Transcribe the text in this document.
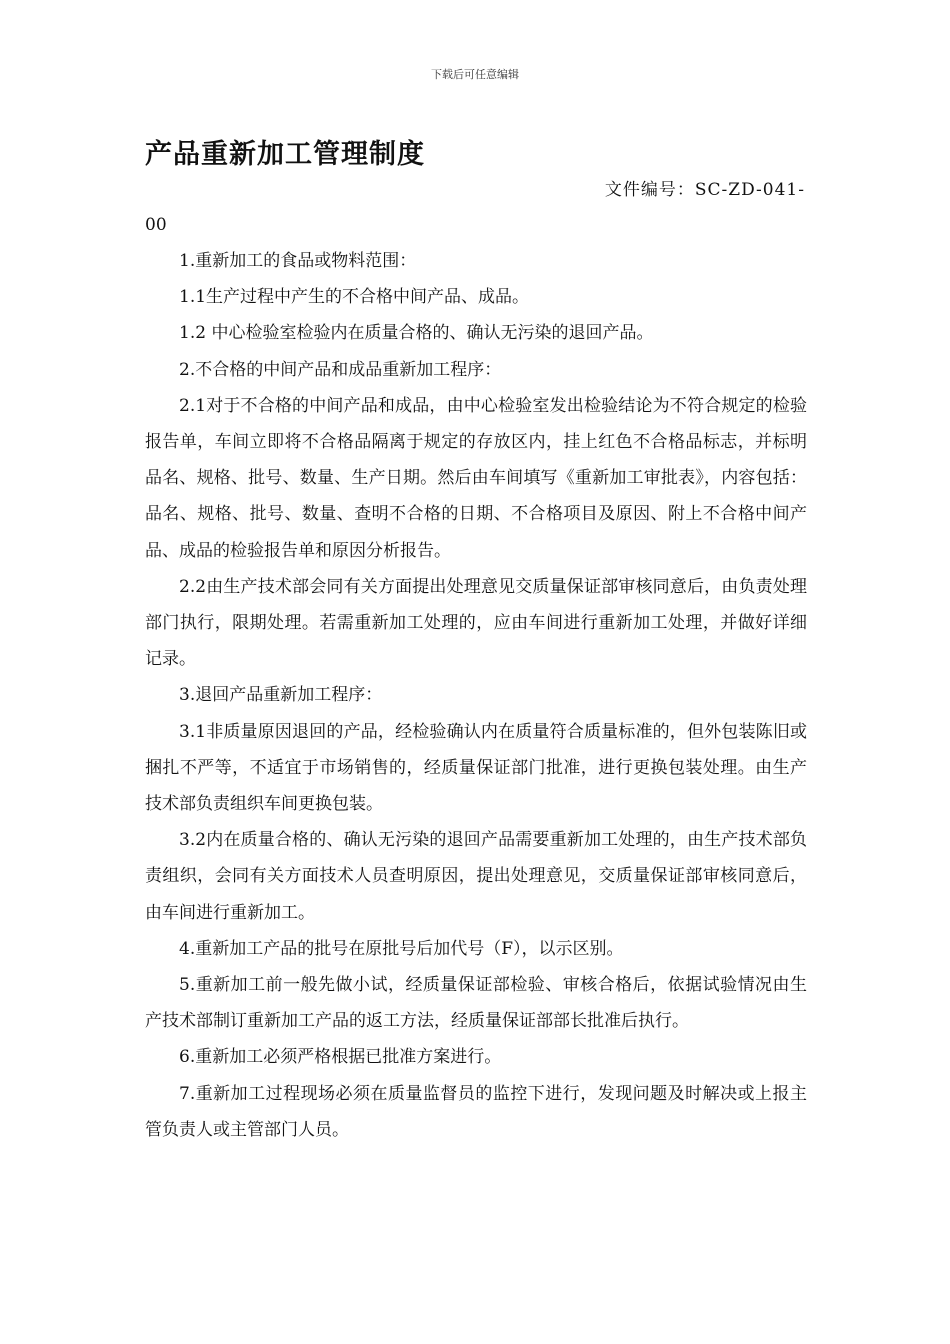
下载后可任意编辑
产品重新加工管理制度
文件编号：SC-ZD-041-
00

1.重新加工的食品或物料范围：

1.1生产过程中产生的不合格中间产品、成品。

1.2 中心检验室检验内在质量合格的、确认无污染的退回产品。

2.不合格的中间产品和成品重新加工程序：

2.1对于不合格的中间产品和成品，由中心检验室发出检验结论为不符合规定的检验报告单，车间立即将不合格品隔离于规定的存放区内，挂上红色不合格品标志，并标明品名、规格、批号、数量、生产日期。然后由车间填写《重新加工审批表》，内容包括：品名、规格、批号、数量、查明不合格的日期、不合格项目及原因、附上不合格中间产品、成品的检验报告单和原因分析报告。

2.2由生产技术部会同有关方面提出处理意见交质量保证部审核同意后，由负责处理部门执行，限期处理。若需重新加工处理的，应由车间进行重新加工处理，并做好详细记录。

3.退回产品重新加工程序：

3.1非质量原因退回的产品，经检验确认内在质量符合质量标准的，但外包装陈旧或捆扎不严等，不适宜于市场销售的，经质量保证部门批准，进行更换包装处理。由生产技术部负责组织车间更换包装。

3.2内在质量合格的、确认无污染的退回产品需要重新加工处理的，由生产技术部负责组织，会同有关方面技术人员查明原因，提出处理意见，交质量保证部审核同意后，由车间进行重新加工。

4.重新加工产品的批号在原批号后加代号（F），以示区别。

5.重新加工前一般先做小试，经质量保证部检验、审核合格后，依据试验情况由生产技术部制订重新加工产品的返工方法，经质量保证部部长批准后执行。

6.重新加工必须严格根据已批准方案进行。

7.重新加工过程现场必须在质量监督员的监控下进行，发现问题及时解决或上报主管负责人或主管部门人员。
